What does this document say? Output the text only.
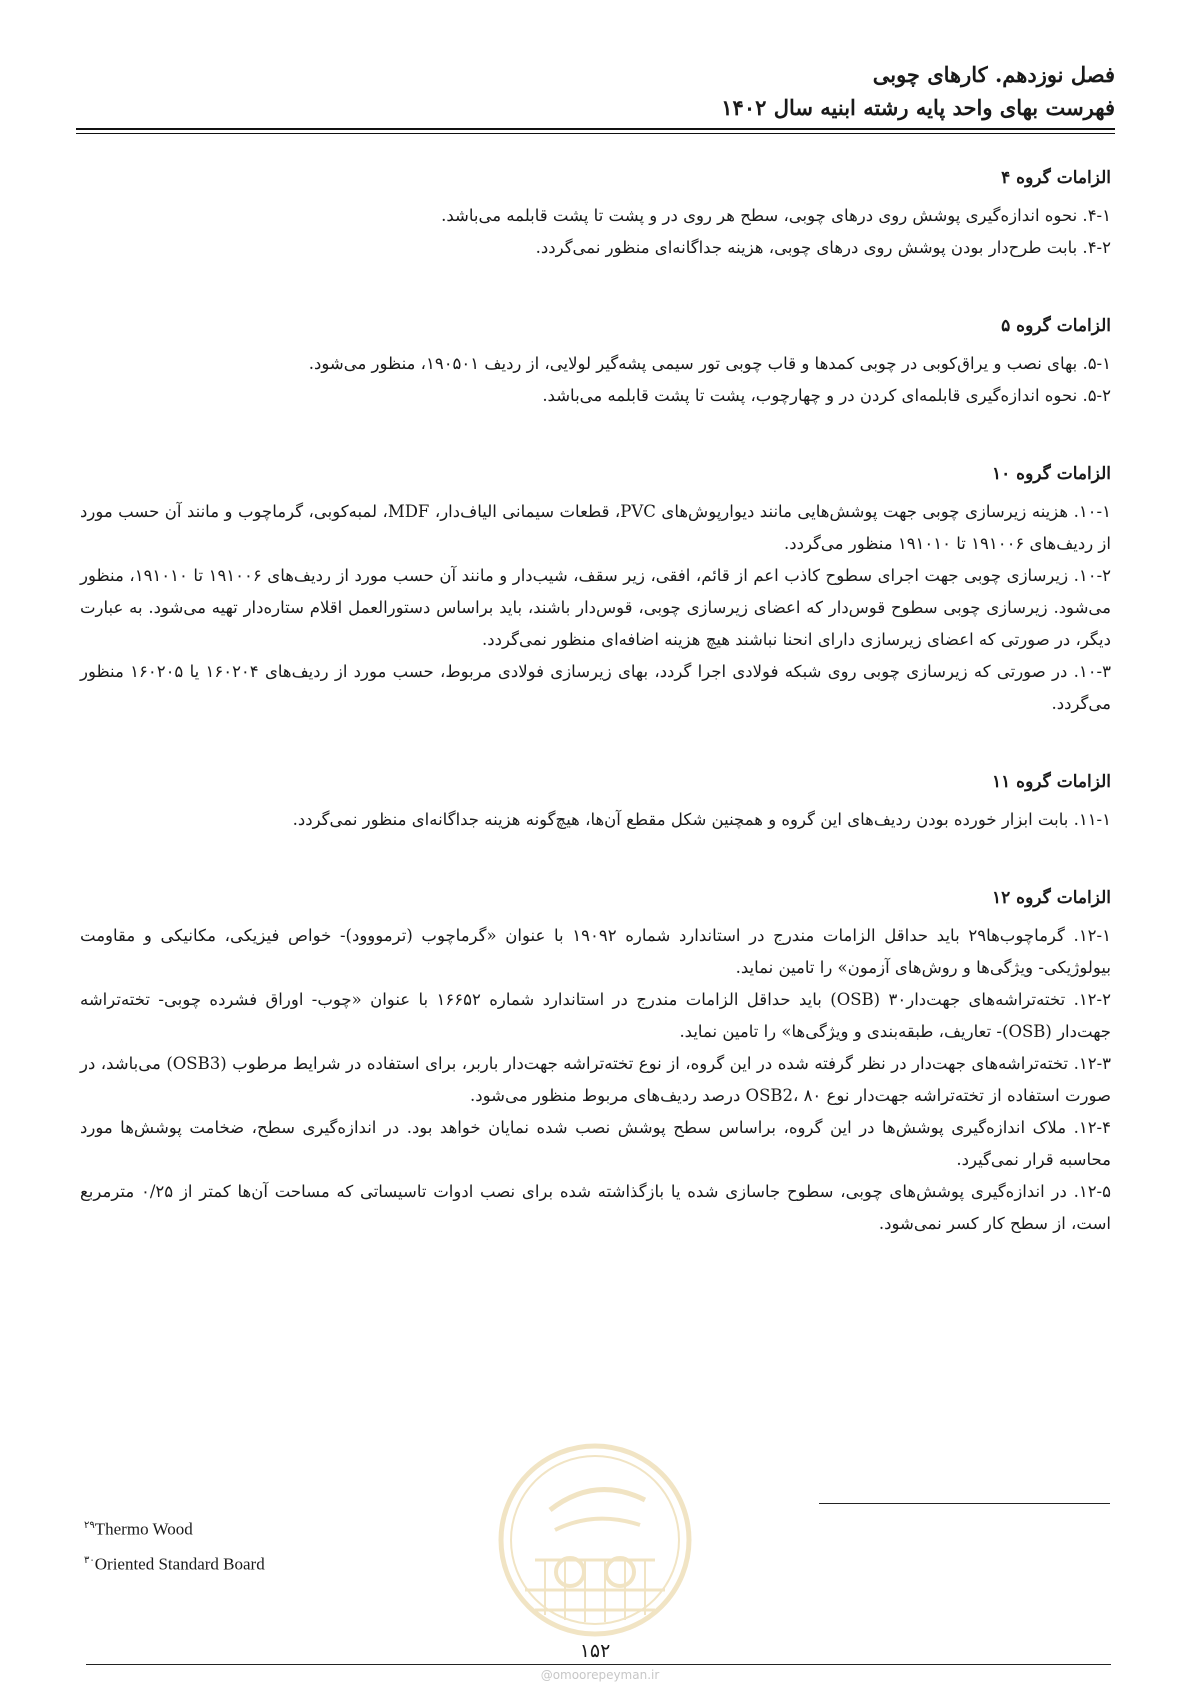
فصل نوزدهم. کارهای چوبی
فهرست بهای واحد پایه رشته ابنیه سال ۱۴۰۲
الزامات گروه ۴

۴-۱. نحوه اندازه‌گیری پوشش روی درهای چوبی، سطح هر روی در و پشت تا پشت قابلمه می‌باشد.

۴-۲. بابت طرح‌دار بودن پوشش روی درهای چوبی، هزینه جداگانه‌ای منظور نمی‌گردد.

الزامات گروه ۵

۵-۱. بهای نصب و یراق‌کوبی در چوبی کمدها و قاب چوبی تور سیمی پشه‌گیر لولایی، از ردیف ۱۹۰۵۰۱، منظور می‌شود.

۵-۲. نحوه اندازه‌گیری قابلمه‌ای کردن در و چهارچوب، پشت تا پشت قابلمه می‌باشد.

الزامات گروه ۱۰

۱۰-۱. هزینه زیرسازی چوبی جهت پوشش‌هایی مانند دیوارپوش‌های PVC، قطعات سیمانی الیاف‌دار، MDF، لمبه‌کوبی، گرماچوب و مانند آن حسب مورد از ردیف‌های ۱۹۱۰۰۶ تا ۱۹۱۰۱۰ منظور می‌گردد.

۱۰-۲. زیرسازی چوبی جهت اجرای سطوح کاذب اعم از قائم، افقی، زیر سقف، شیب‌دار و مانند آن حسب مورد از ردیف‌های ۱۹۱۰۰۶ تا ۱۹۱۰۱۰، منظور می‌شود. زیرسازی چوبی سطوح قوس‌دار که اعضای زیرسازی چوبی، قوس‌دار باشند، باید براساس دستورالعمل اقلام ستاره‌دار تهیه می‌شود. به عبارت دیگر، در صورتی که اعضای زیرسازی دارای انحنا نباشند هیچ هزینه اضافه‌ای منظور نمی‌گردد.

۱۰-۳. در صورتی که زیرسازی چوبی روی شبکه فولادی اجرا گردد، بهای زیرسازی فولادی مربوط، حسب مورد از ردیف‌های ۱۶۰۲۰۴ یا ۱۶۰۲۰۵ منظور می‌گردد.

الزامات گروه ۱۱

۱۱-۱. بابت ابزار خورده بودن ردیف‌های این گروه و همچنین شکل مقطع آن‌ها، هیچ‌گونه هزینه جداگانه‌ای منظور نمی‌گردد.

الزامات گروه ۱۲

۱۲-۱. گرماچوب‌ها۲۹ باید حداقل الزامات مندرج در استاندارد شماره ۱۹۰۹۲ با عنوان «گرماچوب (ترمووود)- خواص فیزیکی، مکانیکی و مقاومت بیولوژیکی- ویژگی‌ها و روش‌های آزمون» را تامین نماید.

۱۲-۲. تخته‌تراشه‌های جهت‌دار۳۰ (OSB) باید حداقل الزامات مندرج در استاندارد شماره ۱۶۶۵۲ با عنوان «چوب- اوراق فشرده چوبی- تخته‌تراشه جهت‌دار (OSB)- تعاریف، طبقه‌بندی و ویژگی‌ها» را تامین نماید.

۱۲-۳. تخته‌تراشه‌های جهت‌دار در نظر گرفته شده در این گروه، از نوع تخته‌تراشه جهت‌دار باربر، برای استفاده در شرایط مرطوب (OSB3) می‌باشد، در صورت استفاده از تخته‌تراشه جهت‌دار نوع OSB2، ۸۰ درصد ردیف‌های مربوط منظور می‌شود.

۱۲-۴. ملاک اندازه‌گیری پوشش‌ها در این گروه، براساس سطح پوشش نصب شده نمایان خواهد بود. در اندازه‌گیری سطح، ضخامت پوشش‌ها مورد محاسبه قرار نمی‌گیرد.

۱۲-۵. در اندازه‌گیری پوشش‌های چوبی، سطوح جاسازی شده یا بازگذاشته شده برای نصب ادوات تاسیساتی که مساحت آن‌ها کمتر از ۰/۲۵ مترمربع است، از سطح کار کسر نمی‌شود.

$^{۲۹}$Thermo Wood
$^{۳۰}$Oriented Standard Board
۱۵۲
@omoorepeyman.ir
